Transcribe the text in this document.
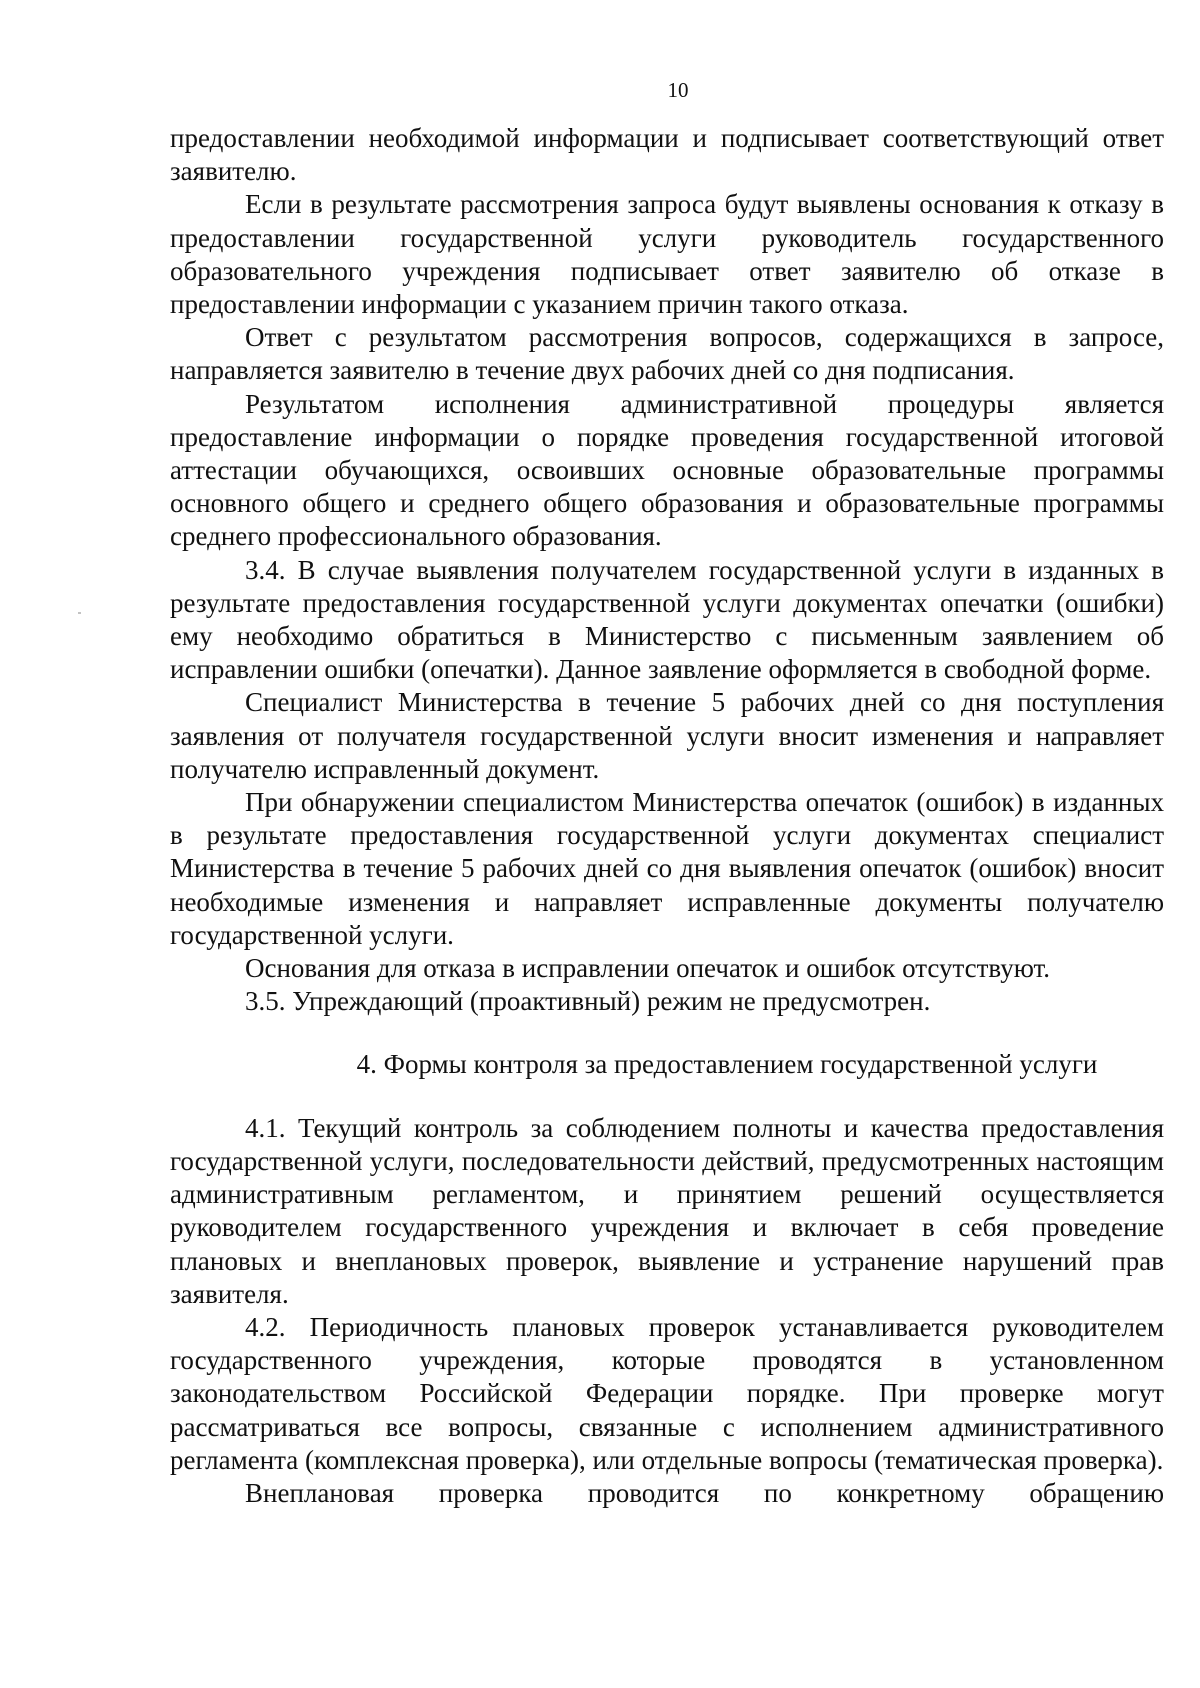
10

предоставлении необходимой информации и подписывает соответствующий ответ заявителю.

Если в результате рассмотрения запроса будут выявлены основания к отказу в предоставлении государственной услуги руководитель государственного образовательного учреждения подписывает ответ заявителю об отказе в предоставлении информации с указанием причин такого отказа.

Ответ с результатом рассмотрения вопросов, содержащихся в запросе, направляется заявителю в течение двух рабочих дней со дня подписания.

Результатом исполнения административной процедуры является предоставление информации о порядке проведения государственной итоговой аттестации обучающихся, освоивших основные образовательные программы основного общего и среднего общего образования и образовательные программы среднего профессионального образования.

3.4. В случае выявления получателем государственной услуги в изданных в результате предоставления государственной услуги документах опечатки (ошибки) ему необходимо обратиться в Министерство с письменным заявлением об исправлении ошибки (опечатки). Данное заявление оформляется в свободной форме.

Специалист Министерства в течение 5 рабочих дней со дня поступления заявления от получателя государственной услуги вносит изменения и направляет получателю исправленный документ.

При обнаружении специалистом Министерства опечаток (ошибок) в изданных в результате предоставления государственной услуги документах специалист Министерства в течение 5 рабочих дней со дня выявления опечаток (ошибок) вносит необходимые изменения и направляет исправленные документы получателю государственной услуги.

Основания для отказа в исправлении опечаток и ошибок отсутствуют.

3.5. Упреждающий (проактивный) режим не предусмотрен.

4. Формы контроля за предоставлением государственной услуги

4.1. Текущий контроль за соблюдением полноты и качества предоставления государственной услуги, последовательности действий, предусмотренных настоящим административным регламентом, и принятием решений осуществляется руководителем государственного учреждения и включает в себя проведение плановых и внеплановых проверок, выявление и устранение нарушений прав заявителя.

4.2. Периодичность плановых проверок устанавливается руководителем государственного учреждения, которые проводятся в установленном законодательством Российской Федерации порядке. При проверке могут рассматриваться все вопросы, связанные с исполнением административного регламента (комплексная проверка), или отдельные вопросы (тематическая проверка).

Внеплановая проверка проводится по конкретному обращению
